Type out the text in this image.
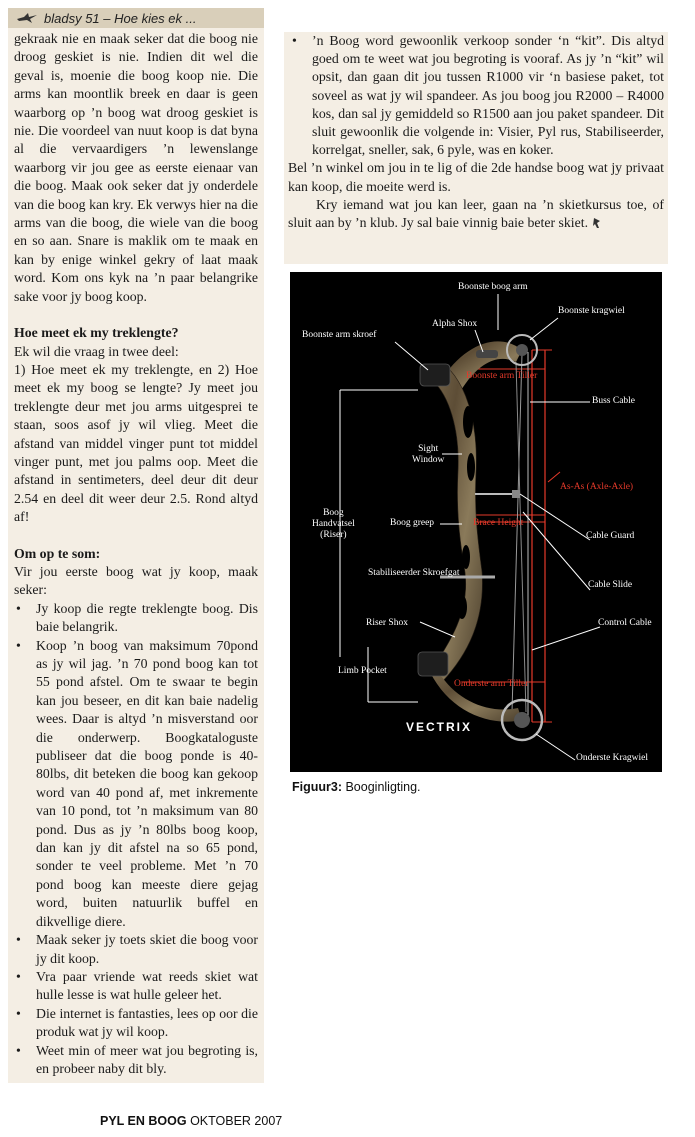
bladsy 51 – Hoe kies ek ...

gekraak nie en maak seker dat die boog nie droog geskiet is nie. Indien dit wel die geval is, moenie die boog koop nie. Die arms kan moontlik breek en daar is geen waarborg op ’n boog wat droog geskiet is nie. Die voordeel van nuut koop is dat byna al die vervaardigers ’n lewenslange waarborg vir jou gee as eerste eienaar van die boog. Maak ook seker dat jy onderdele van die boog kan kry. Ek verwys hier na die arms van die boog, die wiele van die boog en so aan. Snare is maklik om te maak en kan by enige winkel gekry of laat maak word. Kom ons kyk na ’n paar belangrike sake voor jy boog koop.

Hoe meet ek my treklengte?

Ek wil die vraag in twee deel:

1) Hoe meet ek my treklengte, en 2) Hoe meet ek my boog se lengte? Jy meet jou treklengte deur met jou arms uitgesprei te staan, soos asof jy wil vlieg. Meet die afstand van middel vinger punt tot middel vinger punt, met jou palms oop. Meet die afstand in sentimeters, deel deur dit deur 2.54 en deel dit weer deur 2.5. Rond altyd af!

Om op te som:

Vir jou eerste boog wat jy koop, maak seker:

• Jy koop die regte treklengte boog. Dis baie belangrik.
• Koop ’n boog van maksimum 70pond as jy wil jag. ’n 70 pond boog kan tot 55 pond afstel. Om te swaar te begin kan jou beseer, en dit kan baie nadelig wees. Daar is altyd ’n misverstand oor die onderwerp. Boogkataloguste publiseer dat die boog ponde is 40-80lbs, dit beteken die boog kan gekoop word van 40 pond af, met inkremente van 10 pond, tot ’n maksimum van 80 pond. Dus as jy ’n 80lbs boog koop, dan kan jy dit afstel na so 65 pond, sonder te veel probleme. Met ’n 70 pond boog kan meeste diere gejag word, buiten natuurlik buffel en dikvellige diere.
• Maak seker jy toets skiet die boog voor jy dit koop.
• Vra paar vriende wat reeds skiet wat hulle lesse is wat hulle geleer het.
• Die internet is fantasties, lees op oor die produk wat jy wil koop.
• Weet min of meer wat jou begroting is, en probeer naby dit bly.
• ’n Boog word gewoonlik verkoop sonder ‘n “kit”. Dis altyd goed om te weet wat jou begroting is vooraf. As jy ’n “kit” wil opsit, dan gaan dit jou tussen R1000 vir ‘n basiese paket, tot soveel as wat jy wil spandeer. As jou boog jou R2000 – R4000 kos, dan sal jy gemiddeld so R1500 aan jou paket spandeer. Dit sluit gewoonlik die volgende in: Visier, Pyl rus, Stabiliseerder, korrelgat, sneller, sak, 6 pyle, was en koker.

Bel ’n winkel om jou in te lig of die 2de handse boog wat jy privaat kan koop, die moeite werd is.

Kry iemand wat jou kan leer, gaan na ’n skietkursus toe, of sluit aan by ’n klub. Jy sal baie vinnig baie beter skiet.

Boonste boog arm
Alpha Shox
Boonste kragwiel
Boonste arm skroef
Boonste arm Tiller
Buss Cable
Sight
Window
As-As (Axle-Axle)
Boog
Handvatsel
(Riser)
Boog greep	Brace Height
Cable Guard
Stabiliseerder Skroefgat
Cable Slide
Riser Shox	Control Cable
Limb Pocket
Onderste arm Tiller
VECTRIX
Onderste Kragwiel
Figuur3: Booginligting.
PYL EN BOOG OKTOBER 2007
